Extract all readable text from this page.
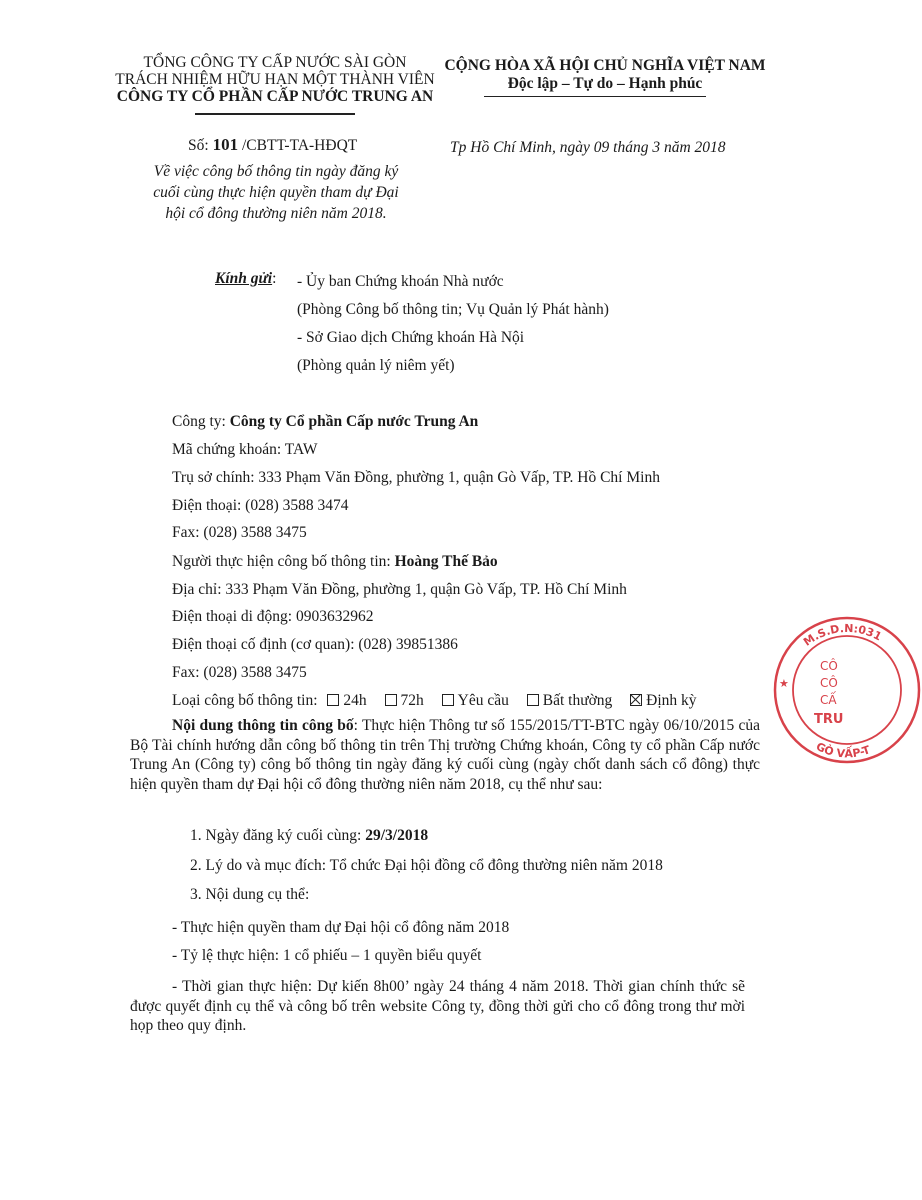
TỔNG CÔNG TY CẤP NƯỚC SÀI GÒN
TRÁCH NHIỆM HỮU HẠN MỘT THÀNH VIÊN
CÔNG TY CỔ PHẦN CẤP NƯỚC TRUNG AN
CỘNG HÒA XÃ HỘI CHỦ NGHĨA VIỆT NAM
Độc lập – Tự do – Hạnh phúc
Số: 101 /CBTT-TA-HĐQT	Tp Hồ Chí Minh, ngày 09 tháng 3 năm 2018
Về việc công bố thông tin ngày đăng ký
cuối cùng thực hiện quyền tham dự Đại
hội cổ đông thường niên năm 2018.
Kính gửi: - Ủy ban Chứng khoán Nhà nước
(Phòng Công bố thông tin; Vụ Quản lý Phát hành)
- Sở Giao dịch Chứng khoán Hà Nội
(Phòng quản lý niêm yết)
Công ty: Công ty Cổ phần Cấp nước Trung An
Mã chứng khoán: TAW
Trụ sở chính: 333 Phạm Văn Đồng, phường 1, quận Gò Vấp, TP. Hồ Chí Minh
Điện thoại: (028) 3588 3474
Fax: (028) 3588 3475
Người thực hiện công bố thông tin: Hoàng Thế Bảo
Địa chỉ: 333 Phạm Văn Đồng, phường 1, quận Gò Vấp, TP. Hồ Chí Minh
Điện thoại di động: 0903632962
Điện thoại cố định (cơ quan): (028) 39851386
Fax: (028) 3588 3475
Loại công bố thông tin: 24h 72h Yêu cầu Bất thường Định kỳ
Nội dung thông tin công bố: Thực hiện Thông tư số 155/2015/TT-BTC ngày 06/10/2015 của Bộ Tài chính hướng dẫn công bố thông tin trên Thị trường Chứng khoán, Công ty cổ phần Cấp nước Trung An (Công ty) công bố thông tin ngày đăng ký cuối cùng (ngày chốt danh sách cổ đông) thực hiện quyền tham dự Đại hội cổ đông thường niên năm 2018, cụ thể như sau:
1. Ngày đăng ký cuối cùng: 29/3/2018
2. Lý do và mục đích: Tổ chức Đại hội đồng cổ đông thường niên năm 2018
3. Nội dung cụ thể:
- Thực hiện quyền tham dự Đại hội cổ đông năm 2018
- Tỷ lệ thực hiện: 1 cổ phiếu – 1 quyền biểu quyết
- Thời gian thực hiện: Dự kiến 8h00’ ngày 24 tháng 4 năm 2018. Thời gian chính thức sẽ được quyết định cụ thể và công bố trên website Công ty, đồng thời gửi cho cổ đông trong thư mời họp theo quy định.
M.S.D.N:031
GÒ VẤP-T
★
CÔ
CÔ
CẤ
TRU
